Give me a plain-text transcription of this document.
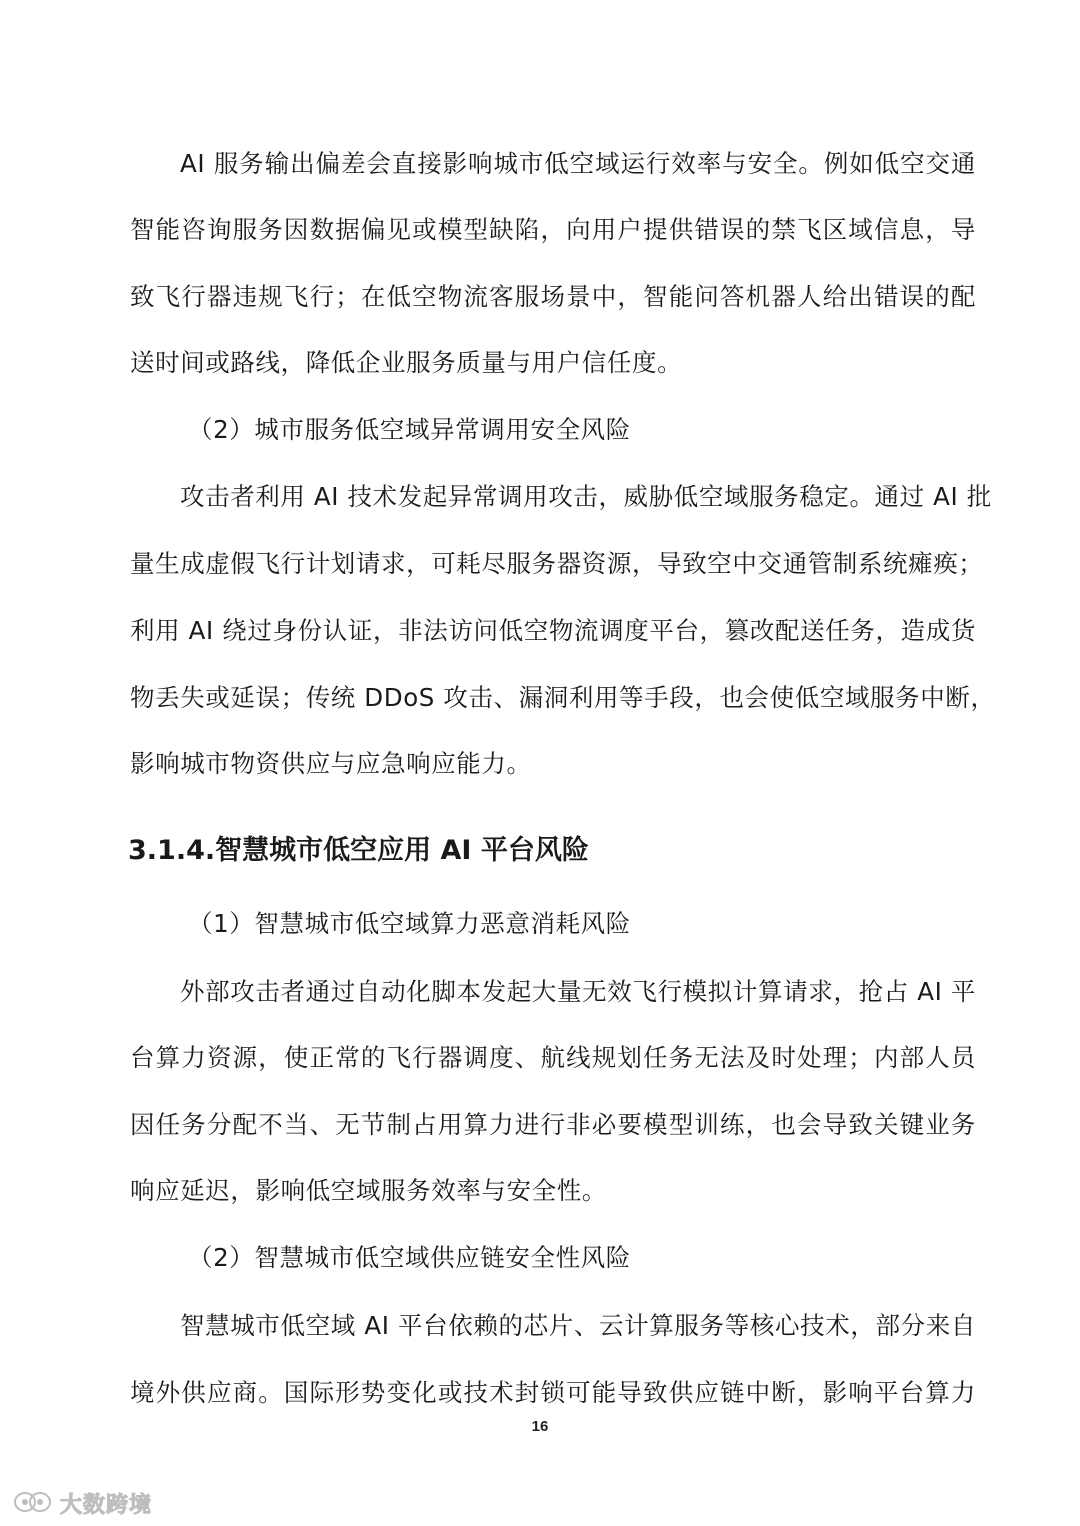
AI 服务输出偏差会直接影响城市低空域运行效率与安全。例如低空交通

智能咨询服务因数据偏见或模型缺陷，向用户提供错误的禁飞区域信息，导

致飞行器违规飞行；在低空物流客服场景中，智能问答机器人给出错误的配

送时间或路线，降低企业服务质量与用户信任度。

（2）城市服务低空域异常调用安全风险

攻击者利用 AI 技术发起异常调用攻击，威胁低空域服务稳定。通过 AI 批

量生成虚假飞行计划请求，可耗尽服务器资源，导致空中交通管制系统瘫痪；

利用 AI 绕过身份认证，非法访问低空物流调度平台，篡改配送任务，造成货

物丢失或延误；传统 DDoS 攻击、漏洞利用等手段，也会使低空域服务中断，

影响城市物资供应与应急响应能力。

3.1.4.智慧城市低空应用 AI 平台风险

（1）智慧城市低空域算力恶意消耗风险

外部攻击者通过自动化脚本发起大量无效飞行模拟计算请求，抢占 AI 平

台算力资源，使正常的飞行器调度、航线规划任务无法及时处理；内部人员

因任务分配不当、无节制占用算力进行非必要模型训练，也会导致关键业务

响应延迟，影响低空域服务效率与安全性。

（2）智慧城市低空域供应链安全性风险

智慧城市低空域 AI 平台依赖的芯片、云计算服务等核心技术，部分来自

境外供应商。国际形势变化或技术封锁可能导致供应链中断，影响平台算力

16
大数跨境
